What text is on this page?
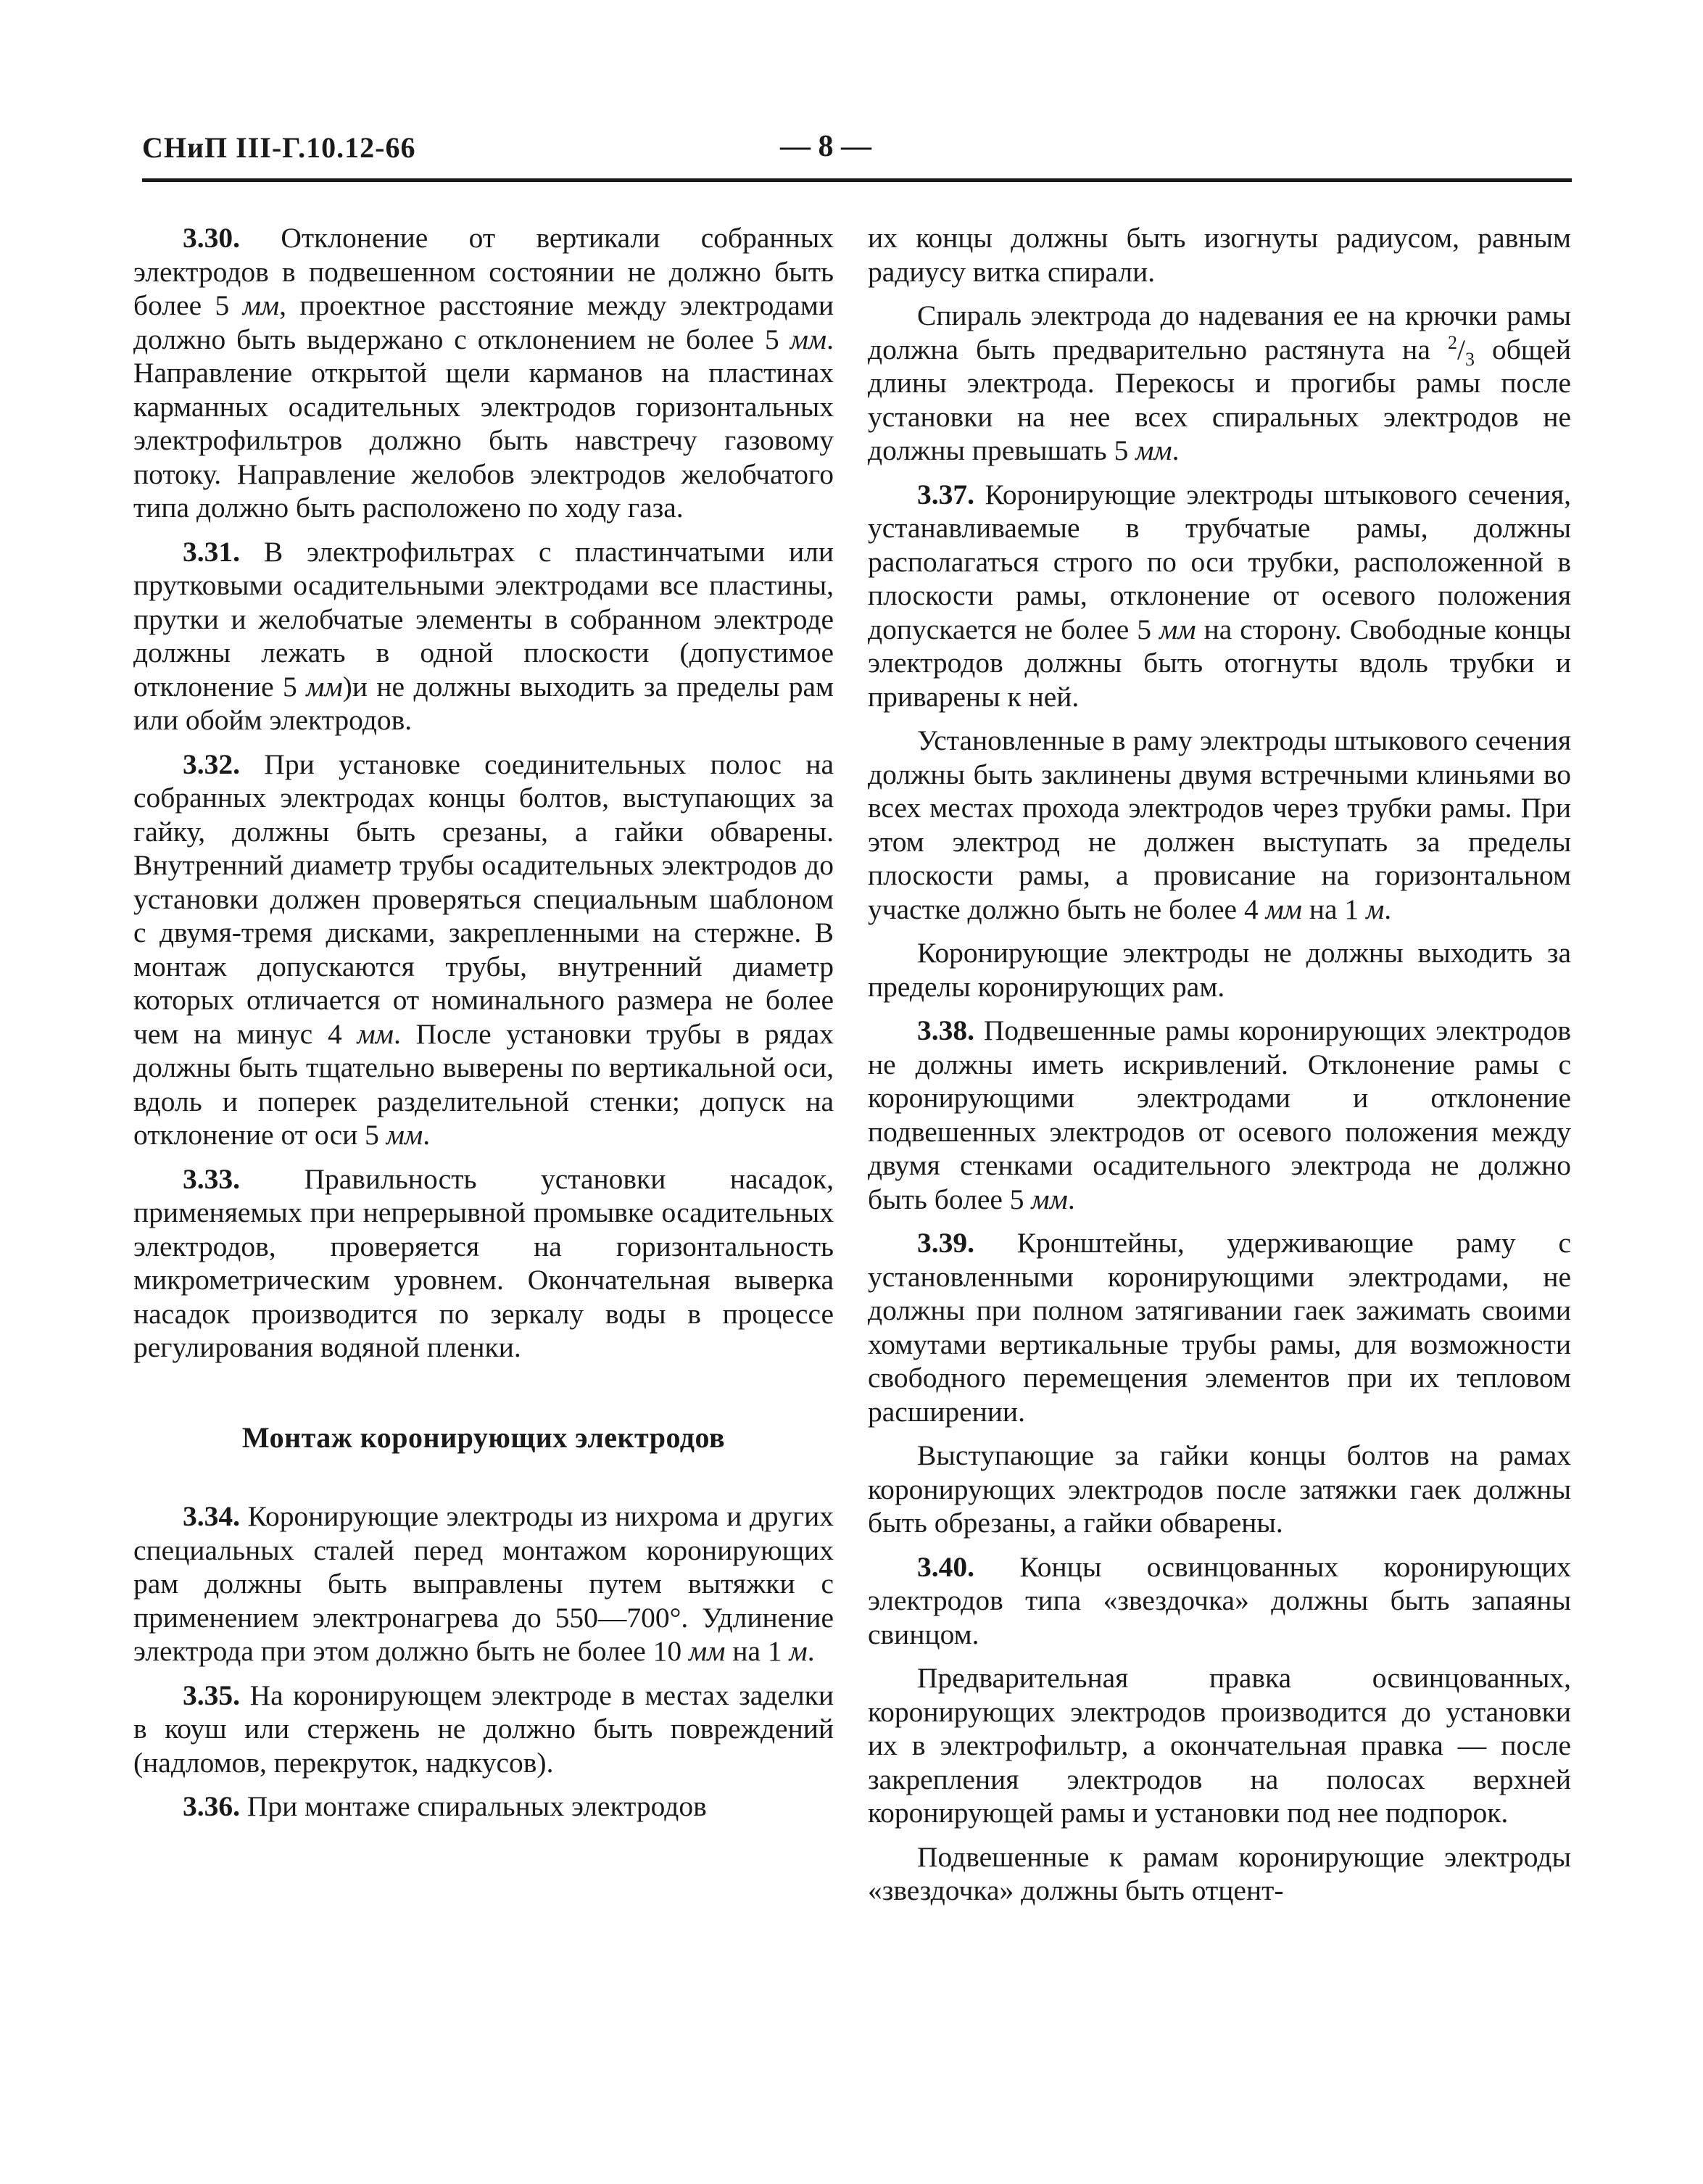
СНиП III-Г.10.12-66	— 8 —

3.30. Отклонение от вертикали собранных электродов в подвешенном состоянии не должно быть более 5 мм, проектное расстояние между электродами должно быть выдержано с отклонением не более 5 мм. Направление открытой щели карманов на пластинах карманных осадительных электродов горизонтальных электрофильтров должно быть навстречу газовому потоку. Направление желобов электродов желобчатого типа должно быть расположено по ходу газа.

3.31. В электрофильтрах с пластинчатыми или прутковыми осадительными электродами все пластины, прутки и желобчатые элементы в собранном электроде должны лежать в одной плоскости (допустимое отклонение 5 мм)и не должны выходить за пределы рам или обойм электродов.

3.32. При установке соединительных полос на собранных электродах концы болтов, выступающих за гайку, должны быть срезаны, а гайки обварены. Внутренний диаметр трубы осадительных электродов до установки должен проверяться специальным шаблоном с двумя-тремя дисками, закрепленными на стержне. В монтаж допускаются трубы, внутренний диаметр которых отличается от номинального размера не более чем на минус 4 мм. После установки трубы в рядах должны быть тщательно выверены по вертикальной оси, вдоль и поперек разделительной стенки; допуск на отклонение от оси 5 мм.

3.33. Правильность установки насадок, применяемых при непрерывной промывке осадительных электродов, проверяется на горизонтальность микрометрическим уровнем. Окончательная выверка насадок производится по зеркалу воды в процессе регулирования водяной пленки.

Монтаж коронирующих электродов

3.34. Коронирующие электроды из нихрома и других специальных сталей перед монтажом коронирующих рам должны быть выправлены путем вытяжки с применением электронагрева до 550—700°. Удлинение электрода при этом должно быть не более 10 мм на 1 м.

3.35. На коронирующем электроде в местах заделки в коуш или стержень не должно быть повреждений (надломов, перекруток, надкусов).

3.36. При монтаже спиральных электродов

их концы должны быть изогнуты радиусом, равным радиусу витка спирали.

Спираль электрода до надевания ее на крючки рамы должна быть предварительно растянута на $^2/_3$ общей длины электрода. Перекосы и прогибы рамы после установки на нее всех спиральных электродов не должны превышать 5 мм.

3.37. Коронирующие электроды штыкового сечения, устанавливаемые в трубчатые рамы, должны располагаться строго по оси трубки, расположенной в плоскости рамы, отклонение от осевого положения допускается не более 5 мм на сторону. Свободные концы электродов должны быть отогнуты вдоль трубки и приварены к ней.

Установленные в раму электроды штыкового сечения должны быть заклинены двумя встречными клиньями во всех местах прохода электродов через трубки рамы. При этом электрод не должен выступать за пределы плоскости рамы, а провисание на горизонтальном участке должно быть не более 4 мм на 1 м.

Коронирующие электроды не должны выходить за пределы коронирующих рам.

3.38. Подвешенные рамы коронирующих электродов не должны иметь искривлений. Отклонение рамы с коронирующими электродами и отклонение подвешенных электродов от осевого положения между двумя стенками осадительного электрода не должно быть более 5 мм.

3.39. Кронштейны, удерживающие раму с установленными коронирующими электродами, не должны при полном затягивании гаек зажимать своими хомутами вертикальные трубы рамы, для возможности свободного перемещения элементов при их тепловом расширении.

Выступающие за гайки концы болтов на рамах коронирующих электродов после затяжки гаек должны быть обрезаны, а гайки обварены.

3.40. Концы освинцованных коронирующих электродов типа «звездочка» должны быть запаяны свинцом.

Предварительная правка освинцованных, коронирующих электродов производится до установки их в электрофильтр, а окончательная правка — после закрепления электродов на полосах верхней коронирующей рамы и установки под нее подпорок.

Подвешенные к рамам коронирующие электроды «звездочка» должны быть отцент-
